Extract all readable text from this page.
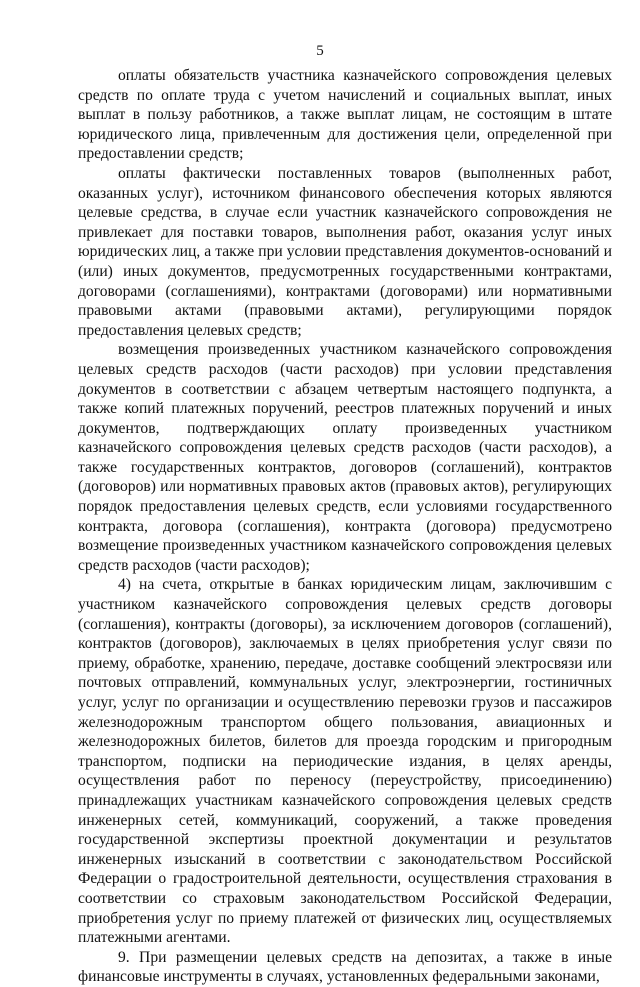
5

оплаты обязательств участника казначейского сопровождения целевых средств по оплате труда с учетом начислений и социальных выплат, иных выплат в пользу работников, а также выплат лицам, не состоящим в штате юридического лица, привлеченным для достижения цели, определенной при предоставлении средств;

оплаты фактически поставленных товаров (выполненных работ, оказанных услуг), источником финансового обеспечения которых являются целевые средства, в случае если участник казначейского сопровождения не привлекает для поставки товаров, выполнения работ, оказания услуг иных юридических лиц, а также при условии представления документов-оснований и (или) иных документов, предусмотренных государственными контрактами, договорами (соглашениями), контрактами (договорами) или нормативными правовыми актами (правовыми актами), регулирующими порядок предоставления целевых средств;

возмещения произведенных участником казначейского сопровождения целевых средств расходов (части расходов) при условии представления документов в соответствии с абзацем четвертым настоящего подпункта, а также копий платежных поручений, реестров платежных поручений и иных документов, подтверждающих оплату произведенных участником казначейского сопровождения целевых средств расходов (части расходов), а также государственных контрактов, договоров (соглашений), контрактов (договоров) или нормативных правовых актов (правовых актов), регулирующих порядок предоставления целевых средств, если условиями государственного контракта, договора (соглашения), контракта (договора) предусмотрено возмещение произведенных участником казначейского сопровождения целевых средств расходов (части расходов);

4) на счета, открытые в банках юридическим лицам, заключившим с участником казначейского сопровождения целевых средств договоры (соглашения), контракты (договоры), за исключением договоров (соглашений), контрактов (договоров), заключаемых в целях приобретения услуг связи по приему, обработке, хранению, передаче, доставке сообщений электросвязи или почтовых отправлений, коммунальных услуг, электроэнергии, гостиничных услуг, услуг по организации и осуществлению перевозки грузов и пассажиров железнодорожным транспортом общего пользования, авиационных и железнодорожных билетов, билетов для проезда городским и пригородным транспортом, подписки на периодические издания, в целях аренды, осуществления работ по переносу (переустройству, присоединению) принадлежащих участникам казначейского сопровождения целевых средств инженерных сетей, коммуникаций, сооружений, а также проведения государственной экспертизы проектной документации и результатов инженерных изысканий в соответствии с законодательством Российской Федерации о градостроительной деятельности, осуществления страхования в соответствии со страховым законодательством Российской Федерации, приобретения услуг по приему платежей от физических лиц, осуществляемых платежными агентами.

9. При размещении целевых средств на депозитах, а также в иные финансовые инструменты в случаях, установленных федеральными законами,
